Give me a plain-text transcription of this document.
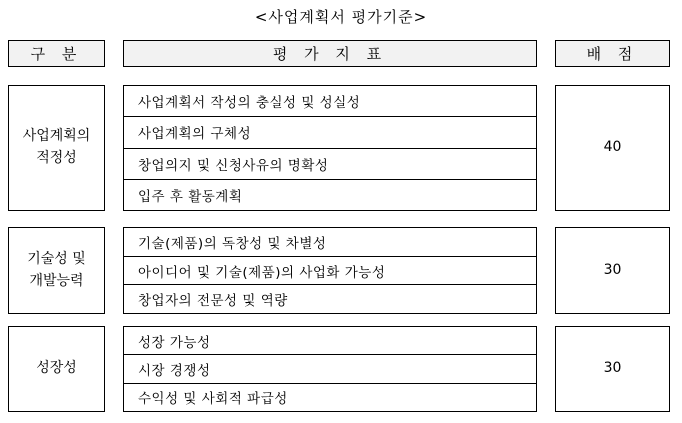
<사업계획서 평가기준>
구 분	평 가 지 표	배 점
사업계획의
적정성
사업계획서 작성의 충실성 및 성실성
사업계획의 구체성
창업의지 및 신청사유의 명확성
입주 후 활동계획
40
기술성 및
개발능력
기술(제품)의 독창성 및 차별성
아이디어 및 기술(제품)의 사업화 가능성
창업자의 전문성 및 역량
30
성장성
성장 가능성
시장 경쟁성
수익성 및 사회적 파급성
30
